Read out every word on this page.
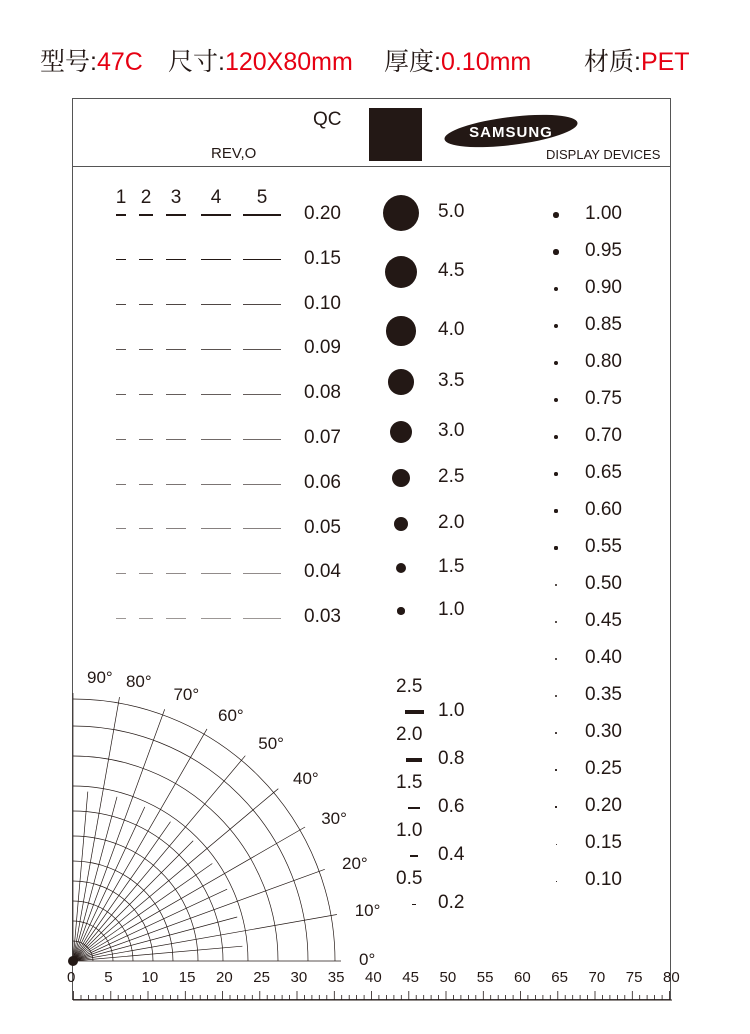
型号:47C 尺寸:120X80mm 厚度:0.10mm 材质:PET
QC
REV,O
SAMSUNG
DISPLAY DEVICES
1 2 3 4 5
0.20
0.15
0.10
0.09
0.08
0.07
0.06
0.05
0.04
0.03
5.0
4.5
4.0
3.5
3.0
2.5
2.0
1.5
1.0
1.00
0.95
0.90
0.85
0.80
0.75
0.70
0.65
0.60
0.55
0.50
0.45
0.40
0.35
0.30
0.25
0.20
0.15
0.10
2.5
1.0
2.0
0.8
1.5
0.6
1.0
0.4
0.5
0.2
90° 80°
70°
60°
50°
40°
30°
20°
10°
0°
0	5	10	15	20	25	30	35	40	45	50	55	60	65	70	75	80
